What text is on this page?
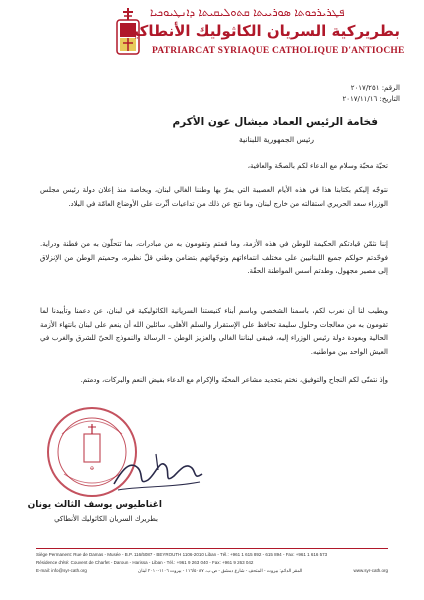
ܦܛܪܝܪܟܘܬܐ ܣܘܪܝܝܬܐ ܩܬܘܠܝܩܝܬܐ ܕܐܢܛܝܘܟܝܐ
بطريركية السريان الكاثوليك الأنطاكية
PATRIARCAT SYRIAQUE CATHOLIQUE D'ANTIOCHE
الرقم: ٢٠١٧/٢٥١
التاريخ: ٢٠١٧/١١/١٦
فخامة الرئيس العماد ميشال عون الأكرم
رئيس الجمهورية اللبنانية
تحيّة محبّة وسلام مع الدعاء لكم بالصحّة والعافية،
نتوجّه إليكم بكتابنا هذا في هذه الأيام العصيبة التي يمرّ بها وطننا الغالي لبنان، وبخاصة منذ إعلان دولة رئيس مجلس الوزراء سعد الحريري استقالته من خارج لبنان، وما نتج عن ذلك من تداعيات أثّرت على الأوضاع العامّة في البلاد.
إننا نثمّن قيادتكم الحكيمة للوطن في هذه الأزمة، وما قمتم وتقومون به من مبادرات، بما تتحلّون به من فطنة ودراية. فوحّدتم حولكم جميع اللبنانيين على مختلف انتماءاتهم وتوجّهاتهم بتضامن وطني قلّ نظيره، وحميتم الوطن من الإنزلاق إلى مصير مجهول، وطدتم أسس المواطنة الحقّة.
ويطيب لنا أن نعرب لكم، باسمنا الشخصي وباسم أبناء كنيستنا السريانية الكاثوليكية في لبنان، عن دعمنا وتأييدنا لما تقومون به من معالجات وحلول سليمة تحافظ على الإستقرار والسلم الأهلي، سائلين الله أن ينعم على لبنان بانتهاء الأزمة الحالية وبعودة دولة رئيس الوزراء إليه، فيبقى لبناننا الغالي والعزيز الوطن – الرسالة والنموذج الحيّ للشرق والغرب في العيش الواحد بين مواطنيه.
وإذ نتمنّى لكم النجاح والتوفيق، نختم بتجديد مشاعر المحبّة والإكرام مع الدعاء بفيض النعم والبركات، ودمتم.
✠
اغناطيوس يوسف الثالث يونان
بطريرك السريان الكاثوليك الأنطاكي
Siège Permanent: Rue de Damas - Musée - B.P. 116/5087 - BEYROUTH 1106-2010 Liban - Tél.: +961 1 615 892 - 615 894 - Fax: +961 1 616 573
Résidence d'été: Couvent de Charfet - Daroun - Harissa - Liban - Tél.: +961 9 263 040 - Fax: +961 9 263 042
E-mail: info@syr-cath.org	المقر الدائم: بيروت - المتحف - شارع دمشق - ص.ب. ١١٦/٥٠٨٧ - بيروت ١١٠٦-٢٠١٠ لبنان	www.syr-cath.org
